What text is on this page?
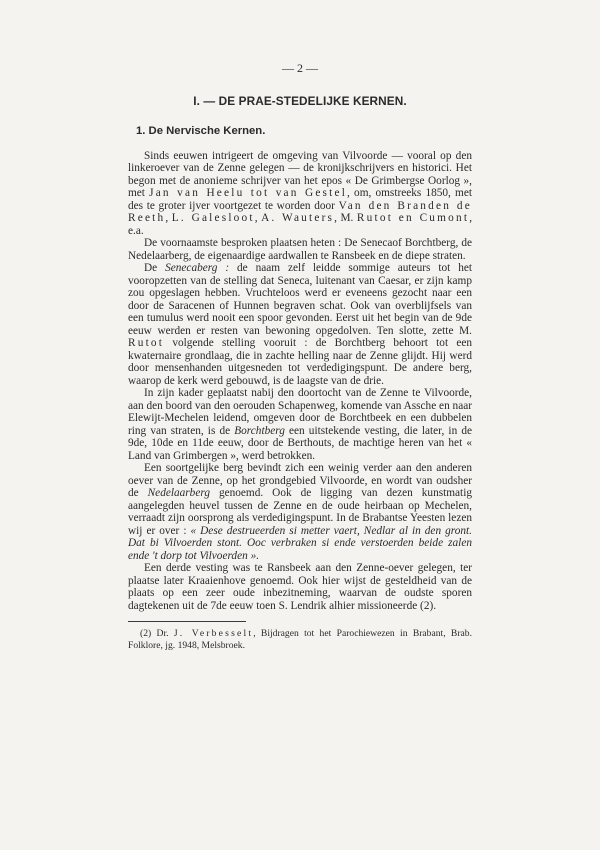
— 2 —
I. — DE PRAE-STEDELIJKE KERNEN.
1. De Nervische Kernen.

Sinds eeuwen intrigeert de omgeving van Vilvoorde — vooral op den linkeroever van de Zenne gelegen — de kronijkschrijvers en historici. Het begon met de anonieme schrijver van het epos « De Grimbergse Oorlog », met Jan van Heelu tot van Gestel, om, omstreeks 1850, met des te groter ijver voortgezet te worden door Van den Branden de Reeth, L. Galesloot, A. Wauters, M. Rutot en Cumont, e.a.

De voornaamste besproken plaatsen heten : De Senecaof Borchtberg, de Nedelaarberg, de eigenaardige aardwallen te Ransbeek en de diepe straten.

De Senecaberg : de naam zelf leidde sommige auteurs tot het vooropzetten van de stelling dat Seneca, luitenant van Caesar, er zijn kamp zou opgeslagen hebben. Vruchteloos werd er eveneens gezocht naar een door de Saracenen of Hunnen begraven schat. Ook van overblijfsels van een tumulus werd nooit een spoor gevonden. Eerst uit het begin van de 9de eeuw werden er resten van bewoning opgedolven. Ten slotte, zette M. Rutot volgende stelling vooruit : de Borchtberg behoort tot een kwaternaire grondlaag, die in zachte helling naar de Zenne glijdt. Hij werd door mensenhanden uitgesneden tot verdedigingspunt. De andere berg, waarop de kerk werd gebouwd, is de laagste van de drie.

In zijn kader geplaatst nabij den doortocht van de Zenne te Vilvoorde, aan den boord van den oerouden Schapenweg, komende van Assche en naar Elewijt-Mechelen leidend, omgeven door de Borchtbeek en een dubbelen ring van straten, is de Borchtberg een uitstekende vesting, die later, in de 9de, 10de en 11de eeuw, door de Berthouts, de machtige heren van het « Land van Grimbergen », werd betrokken.

Een soortgelijke berg bevindt zich een weinig verder aan den anderen oever van de Zenne, op het grondgebied Vilvoorde, en wordt van oudsher de Nedelaarberg genoemd. Ook de ligging van dezen kunstmatig aangelegden heuvel tussen de Zenne en de oude heirbaan op Mechelen, verraadt zijn oorsprong als verdedigingspunt. In de Brabantse Yeesten lezen wij er over : « Dese destrueerden si metter vaert, Nedlar al in den gront. Dat bi Vilvoerden stont. Ooc verbraken si ende verstoerden beide zalen ende 't dorp tot Vilvoerden ».

Een derde vesting was te Ransbeek aan den Zenne-oever gelegen, ter plaatse later Kraaienhove genoemd. Ook hier wijst de gesteldheid van de plaats op een zeer oude inbezitneming, waarvan de oudste sporen dagtekenen uit de 7de eeuw toen S. Lendrik alhier missioneerde (2).

(2) Dr. J. Verbesselt, Bijdragen tot het Parochiewezen in Brabant, Brab. Folklore, jg. 1948, Melsbroek.
